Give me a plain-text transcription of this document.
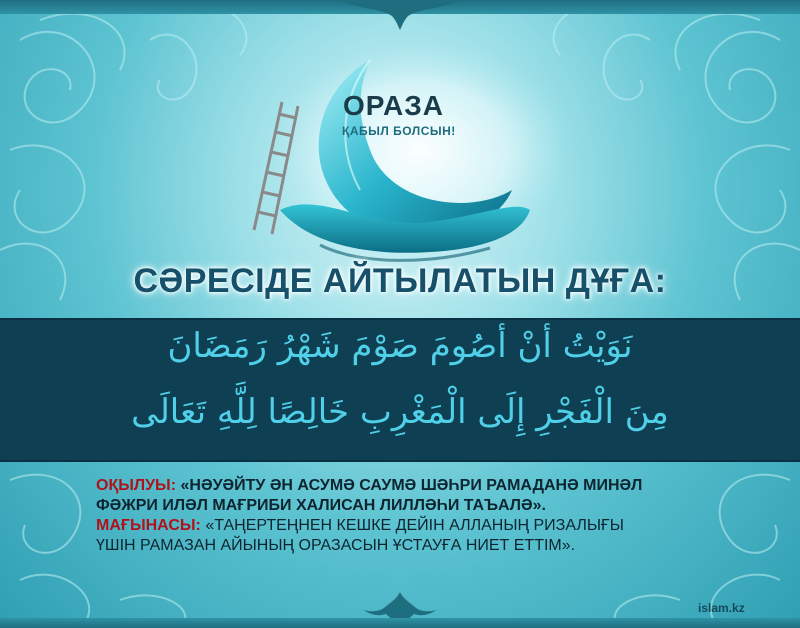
ОРАЗА
ҚАБЫЛ БОЛСЫН!
СӘРЕСІДЕ АЙТЫЛАТЫН ДҰҒА:
نَوَيْتُ أنْ أصُومَ صَوْمَ شَهْرُ رَمَضَانَ
مِنَ الْفَجْرِ إِلَى الْمَغْرِبِ خَالِصًا لِلَّهِ تَعَالَى

ОҚЫЛУЫ: «НӘУӘЙТУ ӘН АСУМӘ САУМӘ ШӘҺРИ РАМАДАНӘ МИНӘЛ

ФӘЖРИ ИЛӘЛ МАҒРИБИ ХАЛИСАН ЛИЛЛӘҺИ ТАЪАЛӘ».

МАҒЫНАСЫ: «ТАҢЕРТЕҢНЕН КЕШКЕ ДЕЙІН АЛЛАНЫҢ РИЗАЛЫҒЫ

ҮШІН РАМАЗАН АЙЫНЫҢ ОРАЗАСЫН ҰСТАУҒА НИЕТ ЕТТІМ».

islam.kz
